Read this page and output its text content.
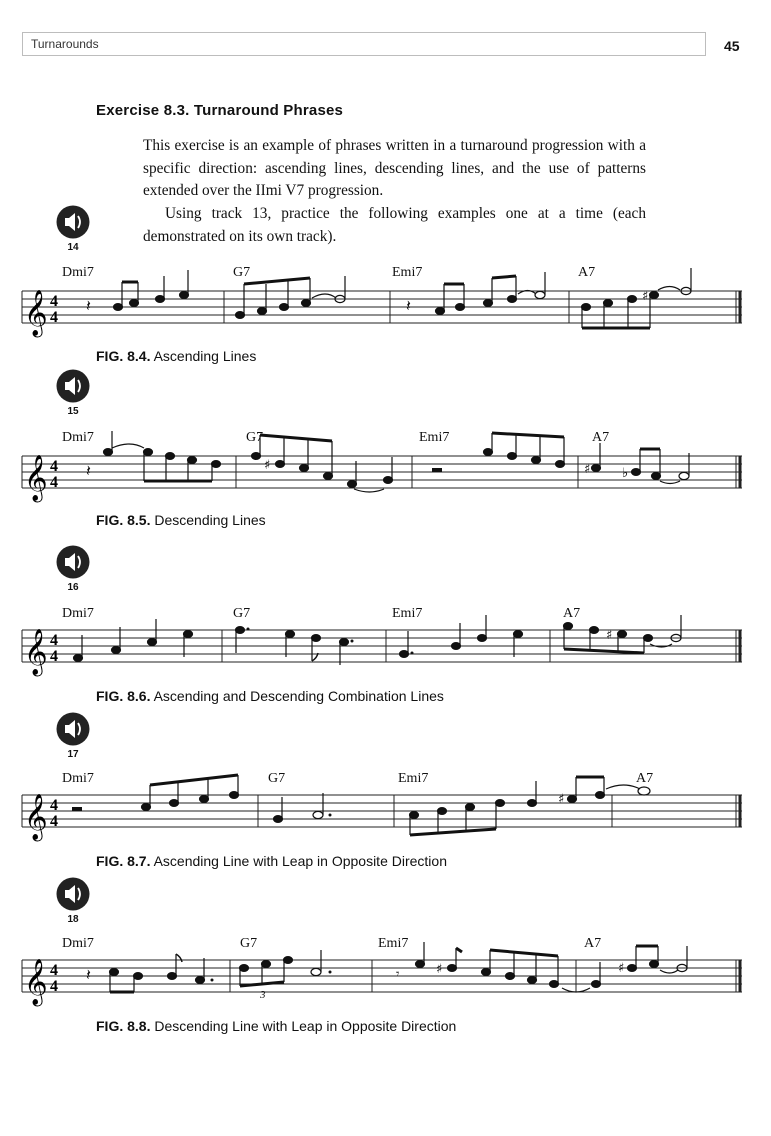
Turnarounds	45
Exercise 8.3. Turnaround Phrases

This exercise is an example of phrases written in a turnaround progression with a specific direction: ascending lines, descending lines, and the use of patterns extended over the IImi V7 progression.

Using track 13, practice the following examples one at a time (each demonstrated on its own track).

14
Dmi7	G7	Emi7	A7
𝄞 4
4
𝄽	𝄽	♯
FIG. 8.4. Ascending Lines
15
Dmi7	G7	Emi7	A7
𝄞 4
4
𝄽	♯	♯ ♭
FIG. 8.5. Descending Lines
16
Dmi7	G7	Emi7	A7
𝄞 4
4
♯
FIG. 8.6. Ascending and Descending Combination Lines
17
Dmi7	G7	Emi7	A7
𝄞 4
4
♯
FIG. 8.7. Ascending Line with Leap in Opposite Direction
18
Dmi7	G7	Emi7	A7
𝄞 4
4	3
𝄽	𝄾	♯	♯
FIG. 8.8. Descending Line with Leap in Opposite Direction
